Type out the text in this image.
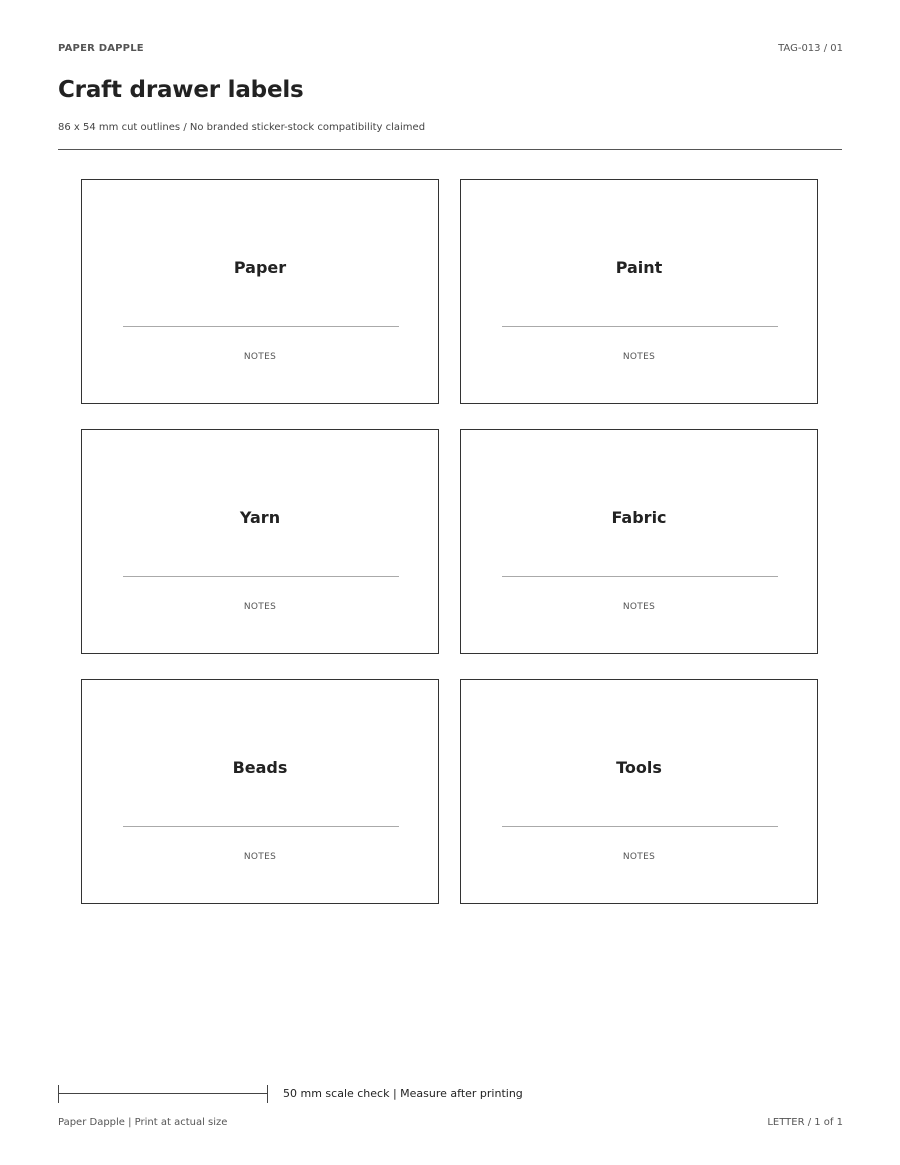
PAPER DAPPLE	TAG-013 / 01
Craft drawer labels
86 x 54 mm cut outlines / No branded sticker-stock compatibility claimed
Paper
NOTES
Paint
NOTES
Yarn
NOTES
Fabric
NOTES
Beads
NOTES
Tools
NOTES
50 mm scale check | Measure after printing
Paper Dapple | Print at actual size	LETTER / 1 of 1
